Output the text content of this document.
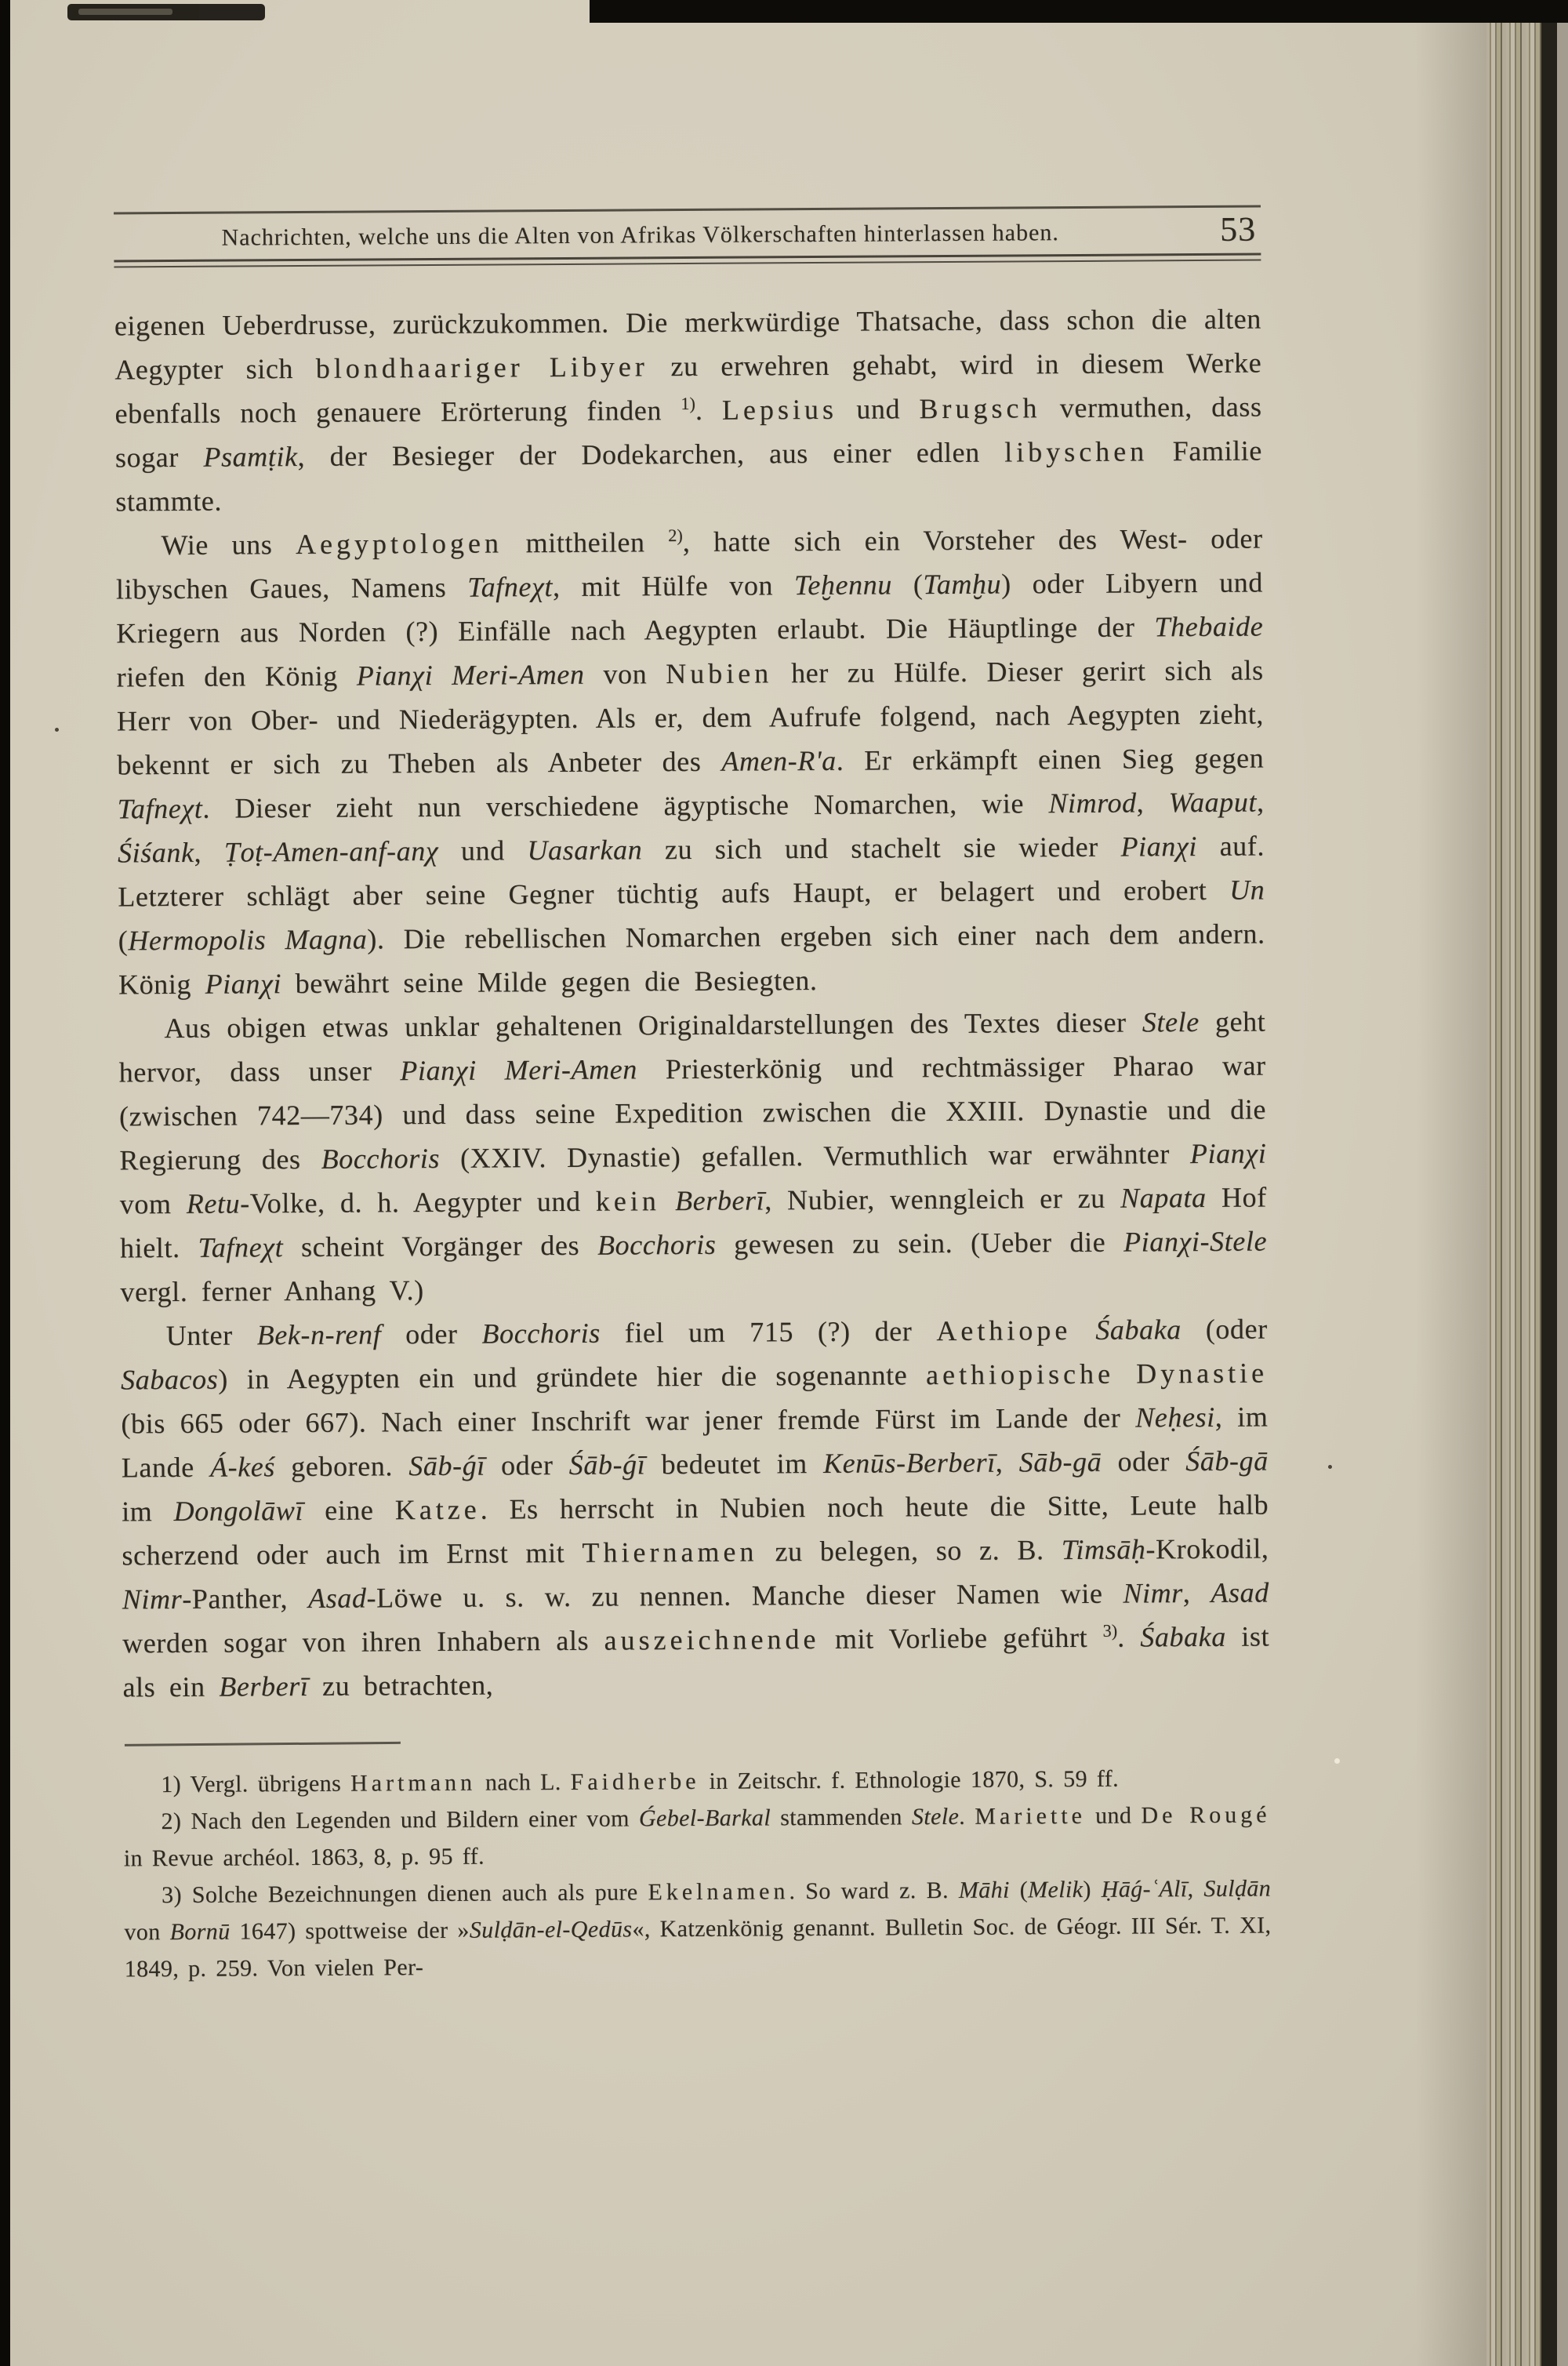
Nachrichten, welche uns die Alten von Afrikas Völkerschaften hinterlassen haben.	53

eigenen Ueberdrusse, zurückzukommen. Die merkwürdige Thatsache, dass schon die alten Aegypter sich blondhaariger Libyer zu erwehren gehabt, wird in diesem Werke ebenfalls noch genauere Erörterung finden $^{1)}$. Lepsius und Brugsch vermuthen, dass sogar Psamṭik, der Besieger der Dodekarchen, aus einer edlen libyschen Familie stammte.

Wie uns Aegyptologen mittheilen $^{2)}$, hatte sich ein Vorsteher des West- oder libyschen Gaues, Namens Tafneχt, mit Hülfe von Teḫennu (Tamḫu) oder Libyern und Kriegern aus Norden (?) Einfälle nach Aegypten erlaubt. Die Häuptlinge der Thebaide riefen den König Pianχi Meri-Amen von Nubien her zu Hülfe. Dieser gerirt sich als Herr von Ober- und Niederägypten. Als er, dem Aufrufe folgend, nach Aegypten zieht, bekennt er sich zu Theben als Anbeter des Amen-R'a. Er erkämpft einen Sieg gegen Tafneχt. Dieser zieht nun verschiedene ägyptische Nomarchen, wie Nimrod, Waaput, Śiśank, Ṭoṭ-Amen-anf-anχ und Uasarkan zu sich und stachelt sie wieder Pianχi auf. Letzterer schlägt aber seine Gegner tüchtig aufs Haupt, er belagert und erobert Un (Hermopolis Magna). Die rebellischen Nomarchen ergeben sich einer nach dem andern. König Pianχi bewährt seine Milde gegen die Besiegten.

Aus obigen etwas unklar gehaltenen Originaldarstellungen des Textes dieser Stele geht hervor, dass unser Pianχi Meri-Amen Priesterkönig und rechtmässiger Pharao war (zwischen 742—734) und dass seine Expedition zwischen die XXIII. Dynastie und die Regierung des Bocchoris (XXIV. Dynastie) gefallen. Vermuthlich war erwähnter Pianχi vom Retu-Volke, d. h. Aegypter und kein Berberī, Nubier, wenngleich er zu Napata Hof hielt. Tafneχt scheint Vorgänger des Bocchoris gewesen zu sein. (Ueber die Pianχi-Stele vergl. ferner Anhang V.)

Unter Bek-n-renf oder Bocchoris fiel um 715 (?) der Aethiope Śabaka (oder Sabacos) in Aegypten ein und gründete hier die sogenannte aethiopische Dynastie (bis 665 oder 667). Nach einer Inschrift war jener fremde Fürst im Lande der Neḥesi, im Lande Á-keś geboren. Sāb-ǵī oder Śāb-ǵī bedeutet im Kenūs-Berberī, Sāb-gā oder Śāb-gā im Dongolāwī eine Katze. Es herrscht in Nubien noch heute die Sitte, Leute halb scherzend oder auch im Ernst mit Thiernamen zu belegen, so z. B. Timsāḥ-Krokodil, Nimr-Panther, Asad-Löwe u. s. w. zu nennen. Manche dieser Namen wie Nimr, Asad werden sogar von ihren Inhabern als auszeichnende mit Vorliebe geführt $^{3)}$. Śabaka ist als ein Berberī zu betrachten,

1) Vergl. übrigens Hartmann nach L. Faidherbe in Zeitschr. f. Ethnologie 1870, S. 59 ff.

2) Nach den Legenden und Bildern einer vom Ǵebel-Barkal stammenden Stele. Mariette und De Rougé in Revue archéol. 1863, 8, p. 95 ff.

3) Solche Bezeichnungen dienen auch als pure Ekelnamen. So ward z. B. Māhi (Melik) Ḥāǵ-ʿAlī, Sulḍān von Bornū 1647) spottweise der »Sulḍān-el-Qedūs«, Katzenkönig genannt. Bulletin Soc. de Géogr. III Sér. T. XI, 1849, p. 259. Von vielen Per-
